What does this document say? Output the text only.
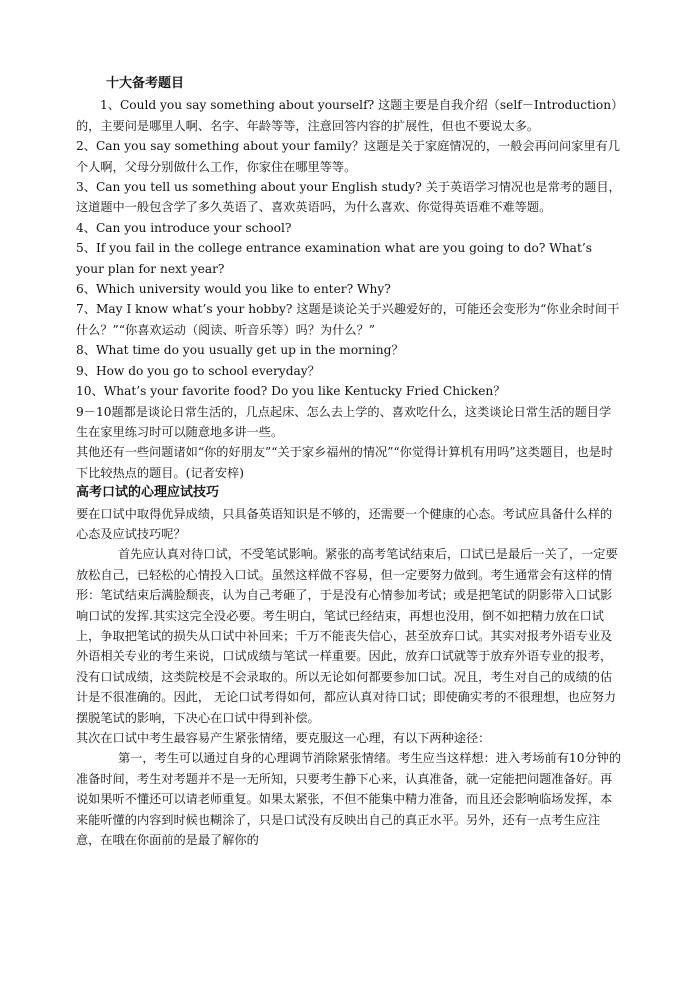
十大备考题目

1、Could you say something about yourself? 这题主要是自我介绍（self－Introduction）的，主要问是哪里人啊、名字、年龄等等，注意回答内容的扩展性，但也不要说太多。

2、Can you say something about your family？这题是关于家庭情况的，一般会再问问家里有几个人啊，父母分别做什么工作，你家住在哪里等等。

3、Can you tell us something about your English study? 关于英语学习情况也是常考的题目，这道题中一般包含学了多久英语了、喜欢英语吗，为什么喜欢、你觉得英语难不难等题。

4、Can you introduce your school?

5、If you fail in the college entrance examination what are you going to do? What’s your plan for next year?

6、Which university would you like to enter? Why?

7、May I know what’s your hobby? 这题是谈论关于兴趣爱好的，可能还会变形为“你业余时间干什么？”“你喜欢运动（阅读、听音乐等）吗？为什么？”

8、What time do you usually get up in the morning？

9、How do you go to school everyday？

10、What’s your favorite food? Do you like Kentucky Fried Chicken？

9－10题都是谈论日常生活的，几点起床、怎么去上学的、喜欢吃什么，这类谈论日常生活的题目学生在家里练习时可以随意地多讲一些。

其他还有一些问题诸如“你的好朋友”“关于家乡福州的情况”“你觉得计算机有用吗”这类题目，也是时下比较热点的题目。(记者安梓)

高考口试的心理应试技巧

要在口试中取得优异成绩，只具备英语知识是不够的，还需要一个健康的心态。考试应具备什么样的心态及应试技巧呢？

首先应认真对待口试，不受笔试影响。紧张的高考笔试结束后，口试已是最后一关了，一定要放松自己，已轻松的心情投入口试。虽然这样做不容易，但一定要努力做到。考生通常会有这样的情形：笔试结束后满脸颓丧，认为自己考砸了，于是没有心情参加考试；或是把笔试的阴影带入口试影响口试的发挥.其实这完全没必要。考生明白，笔试已经结束，再想也没用，倒不如把精力放在口试上，争取把笔试的损失从口试中补回来；千万不能丧失信心，甚至放弃口试。其实对报考外语专业及外语相关专业的考生来说，口试成绩与笔试一样重要。因此，放弃口试就等于放弃外语专业的报考，没有口试成绩，这类院校是不会录取的。所以无论如何都要参加口试。况且，考生对自己的成绩的估计是不很准确的。因此， 无论口试考得如何，都应认真对待口试；即使确实考的不很理想，也应努力摆脱笔试的影响，下决心在口试中得到补偿。

其次在口试中考生最容易产生紧张情绪，要克服这一心理，有以下两种途径：

第一，考生可以通过自身的心理调节消除紧张情绪。考生应当这样想：进入考场前有10分钟的准备时间，考生对考题并不是一无所知，只要考生静下心来，认真准备，就一定能把问题准备好。再说如果听不懂还可以请老师重复。如果太紧张，不但不能集中精力准备，而且还会影响临场发挥，本来能听懂的内容到时候也糊涂了，只是口试没有反映出自己的真正水平。另外，还有一点考生应注意，在哦在你面前的是最了解你的
